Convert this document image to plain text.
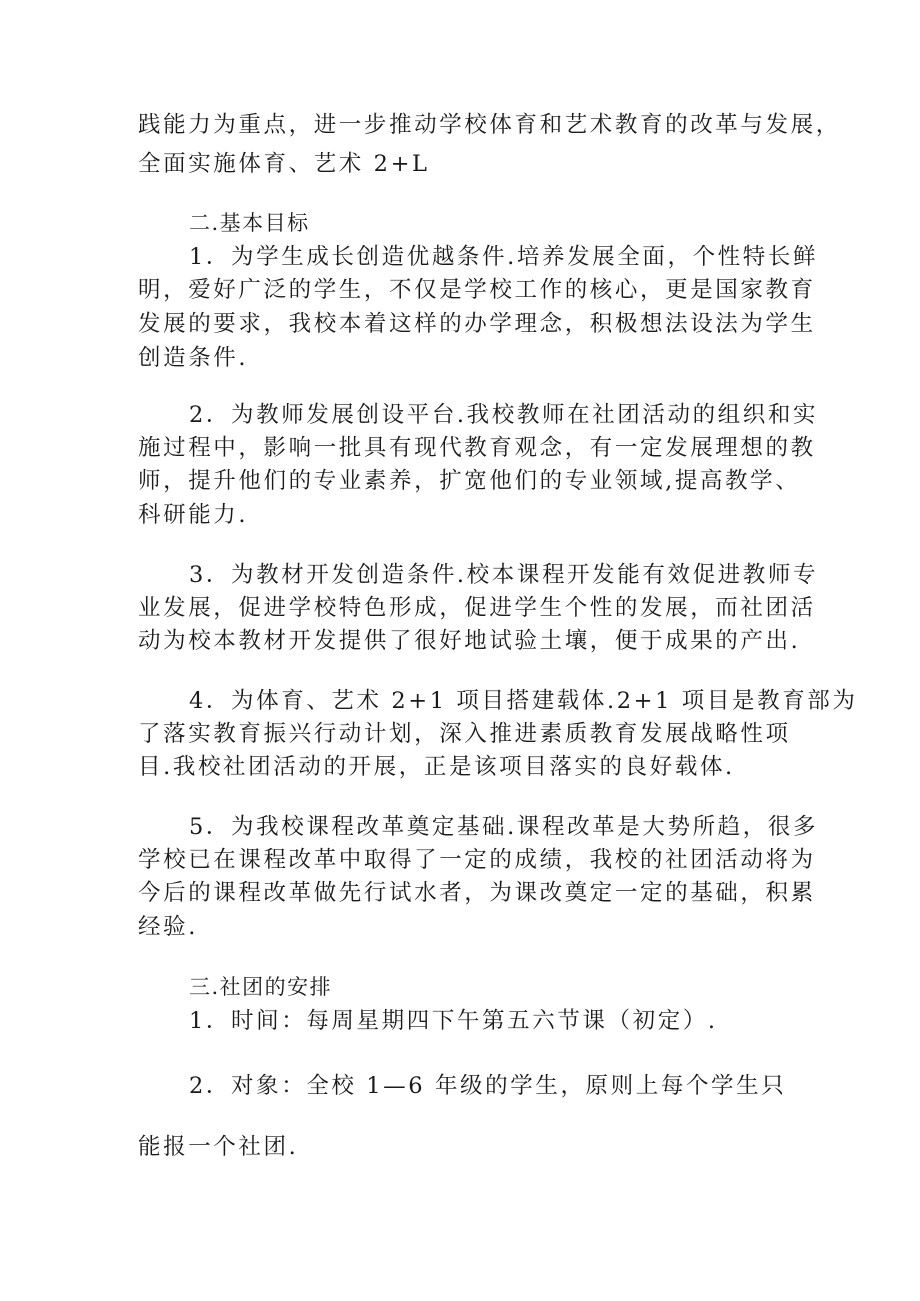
践能力为重点，进一步推动学校体育和艺术教育的改革与发展，

全面实施体育、艺术 2+L

二.基本目标

1．为学生成长创造优越条件.培养发展全面，个性特长鲜

明，爱好广泛的学生，不仅是学校工作的核心，更是国家教育

发展的要求，我校本着这样的办学理念，积极想法设法为学生

创造条件.

2．为教师发展创设平台.我校教师在社团活动的组织和实

施过程中，影响一批具有现代教育观念，有一定发展理想的教

师，提升他们的专业素养，扩宽他们的专业领域,提高教学、

科研能力.

3．为教材开发创造条件.校本课程开发能有效促进教师专

业发展，促进学校特色形成，促进学生个性的发展，而社团活

动为校本教材开发提供了很好地试验土壤，便于成果的产出.

4．为体育、艺术 2+1 项目搭建载体.2+1 项目是教育部为

了落实教育振兴行动计划，深入推进素质教育发展战略性项

目.我校社团活动的开展，正是该项目落实的良好载体.

5．为我校课程改革奠定基础.课程改革是大势所趋，很多

学校已在课程改革中取得了一定的成绩，我校的社团活动将为

今后的课程改革做先行试水者，为课改奠定一定的基础，积累

经验.

三.社团的安排

1．时间：每周星期四下午第五六节课（初定）.

2．对象：全校 1—6 年级的学生，原则上每个学生只

能报一个社团.
